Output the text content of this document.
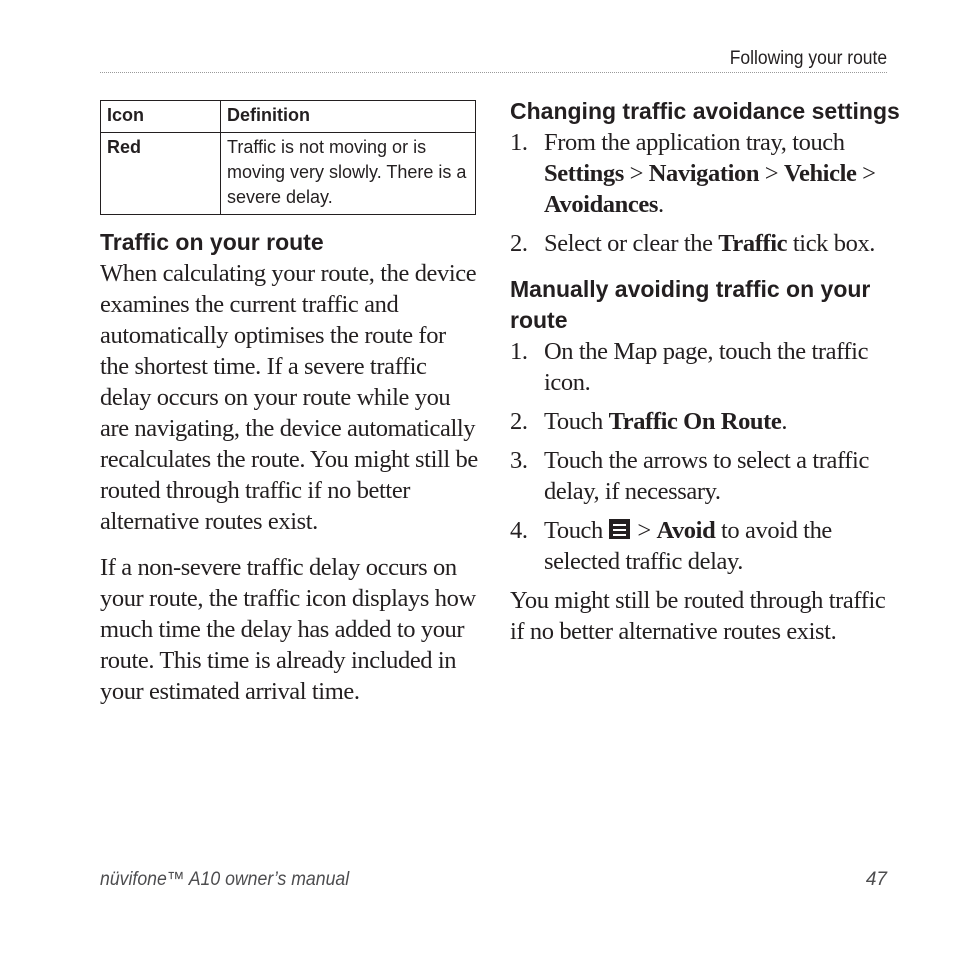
Following your route
Icon	Definition
Red	Traffic is not moving or is moving very slowly. There is a severe delay.
Traffic on your route

When calculating your route, the device examines the current traffic and automatically optimises the route for the shortest time. If a severe traffic delay occurs on your route while you are navigating, the device automatically recalculates the route. You might still be routed through traffic if no better alternative routes exist.

If a non-severe traffic delay occurs on your route, the traffic icon displays how much time the delay has added to your route. This time is already included in your estimated arrival time.

Changing traffic avoidance settings
1. From the application tray, touch Settings > Navigation > Vehicle > Avoidances.
2. Select or clear the Traffic tick box.
Manually avoiding traffic on your route
1. On the Map page, touch the traffic icon.
2. Touch Traffic On Route.
3. Touch the arrows to select a traffic delay, if necessary.
4. Touch  > Avoid to avoid the selected traffic delay.

You might still be routed through traffic if no better alternative routes exist.

nüvifone™ A10 owner’s manual	47
